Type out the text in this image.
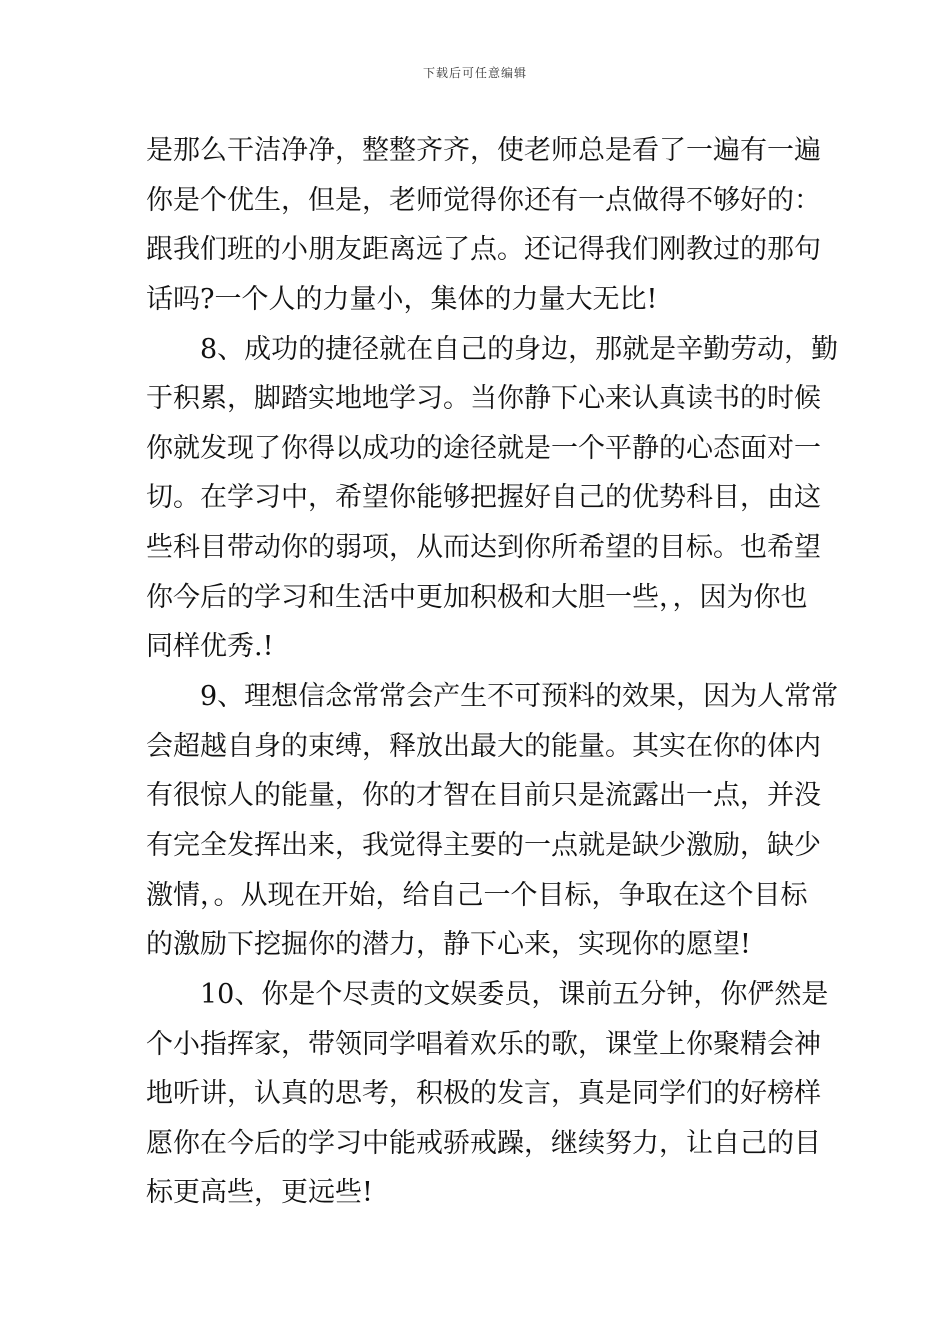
下载后可任意编辑
是那么干洁净净，整整齐齐，使老师总是看了一遍有一遍
你是个优生，但是，老师觉得你还有一点做得不够好的：
跟我们班的小朋友距离远了点。还记得我们刚教过的那句
话吗?一个人的力量小，集体的力量大无比!
8、成功的捷径就在自己的身边，那就是辛勤劳动，勤
于积累，脚踏实地地学习。当你静下心来认真读书的时候
你就发现了你得以成功的途径就是一个平静的心态面对一
切。在学习中，希望你能够把握好自己的优势科目，由这
些科目带动你的弱项，从而达到你所希望的目标。也希望
你今后的学习和生活中更加积极和大胆一些，，因为你也
同样优秀.!
9、理想信念常常会产生不可预料的效果，因为人常常
会超越自身的束缚，释放出最大的能量。其实在你的体内
有很惊人的能量，你的才智在目前只是流露出一点，并没
有完全发挥出来，我觉得主要的一点就是缺少激励，缺少
激情，。从现在开始，给自己一个目标，争取在这个目标
的激励下挖掘你的潜力，静下心来，实现你的愿望!
10、你是个尽责的文娱委员，课前五分钟，你俨然是
个小指挥家，带领同学唱着欢乐的歌，课堂上你聚精会神
地听讲，认真的思考，积极的发言，真是同学们的好榜样
愿你在今后的学习中能戒骄戒躁，继续努力，让自己的目
标更高些，更远些!
